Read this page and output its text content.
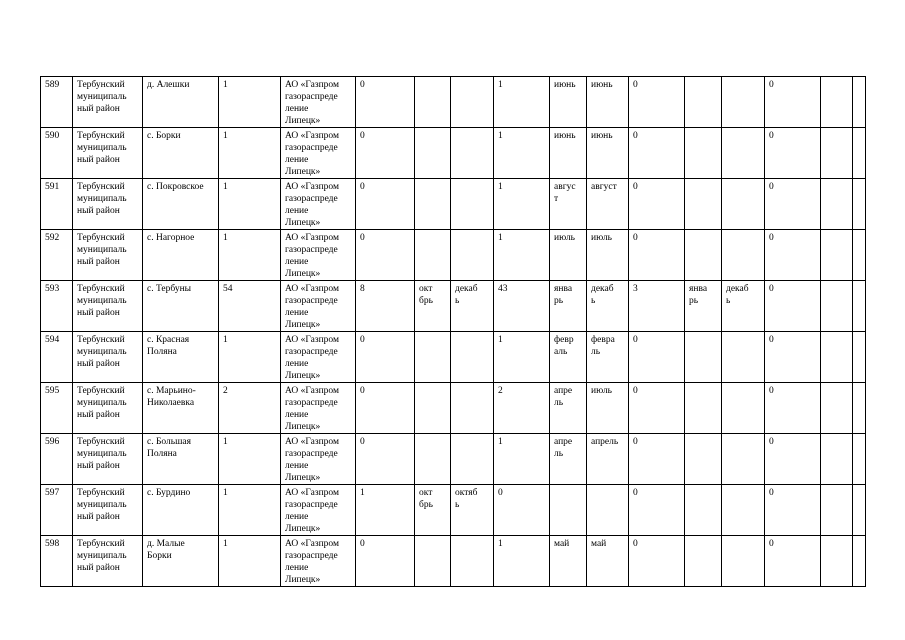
589	Тербунский
муниципаль
ный район	д. Алешки	1	АО «Газпром
газораспреде
ление
Липецк»	0			1	июнь	июнь	0			0		
590	Тербунский
муниципаль
ный район	с. Борки	1	АО «Газпром
газораспреде
ление
Липецк»	0			1	июнь	июнь	0			0		
591	Тербунский
муниципаль
ный район	с. Покровское	1	АО «Газпром
газораспреде
ление
Липецк»	0			1	авгус
т	август	0			0		
592	Тербунский
муниципаль
ный район	с. Нагорное	1	АО «Газпром
газораспреде
ление
Липецк»	0			1	июль	июль	0			0		
593	Тербунский
муниципаль
ный район	с. Тербуны	54	АО «Газпром
газораспреде
ление
Липецк»	8	окт
брь	декаб
ь	43	янва
рь	декаб
ь	3	янва
рь	декаб
ь	0		
594	Тербунский
муниципаль
ный район	с. Красная
Поляна	1	АО «Газпром
газораспреде
ление
Липецк»	0			1	февр
аль	февра
ль	0			0		
595	Тербунский
муниципаль
ный район	с. Марьино-
Николаевка	2	АО «Газпром
газораспреде
ление
Липецк»	0			2	апре
ль	июль	0			0		
596	Тербунский
муниципаль
ный район	с. Большая
Поляна	1	АО «Газпром
газораспреде
ление
Липецк»	0			1	апре
ль	апрель	0			0		
597	Тербунский
муниципаль
ный район	с. Бурдино	1	АО «Газпром
газораспреде
ление
Липецк»	1	окт
брь	октяб
ь	0			0			0		
598	Тербунский
муниципаль
ный район	д. Малые
Борки	1	АО «Газпром
газораспреде
ление
Липецк»	0			1	май	май	0			0		
